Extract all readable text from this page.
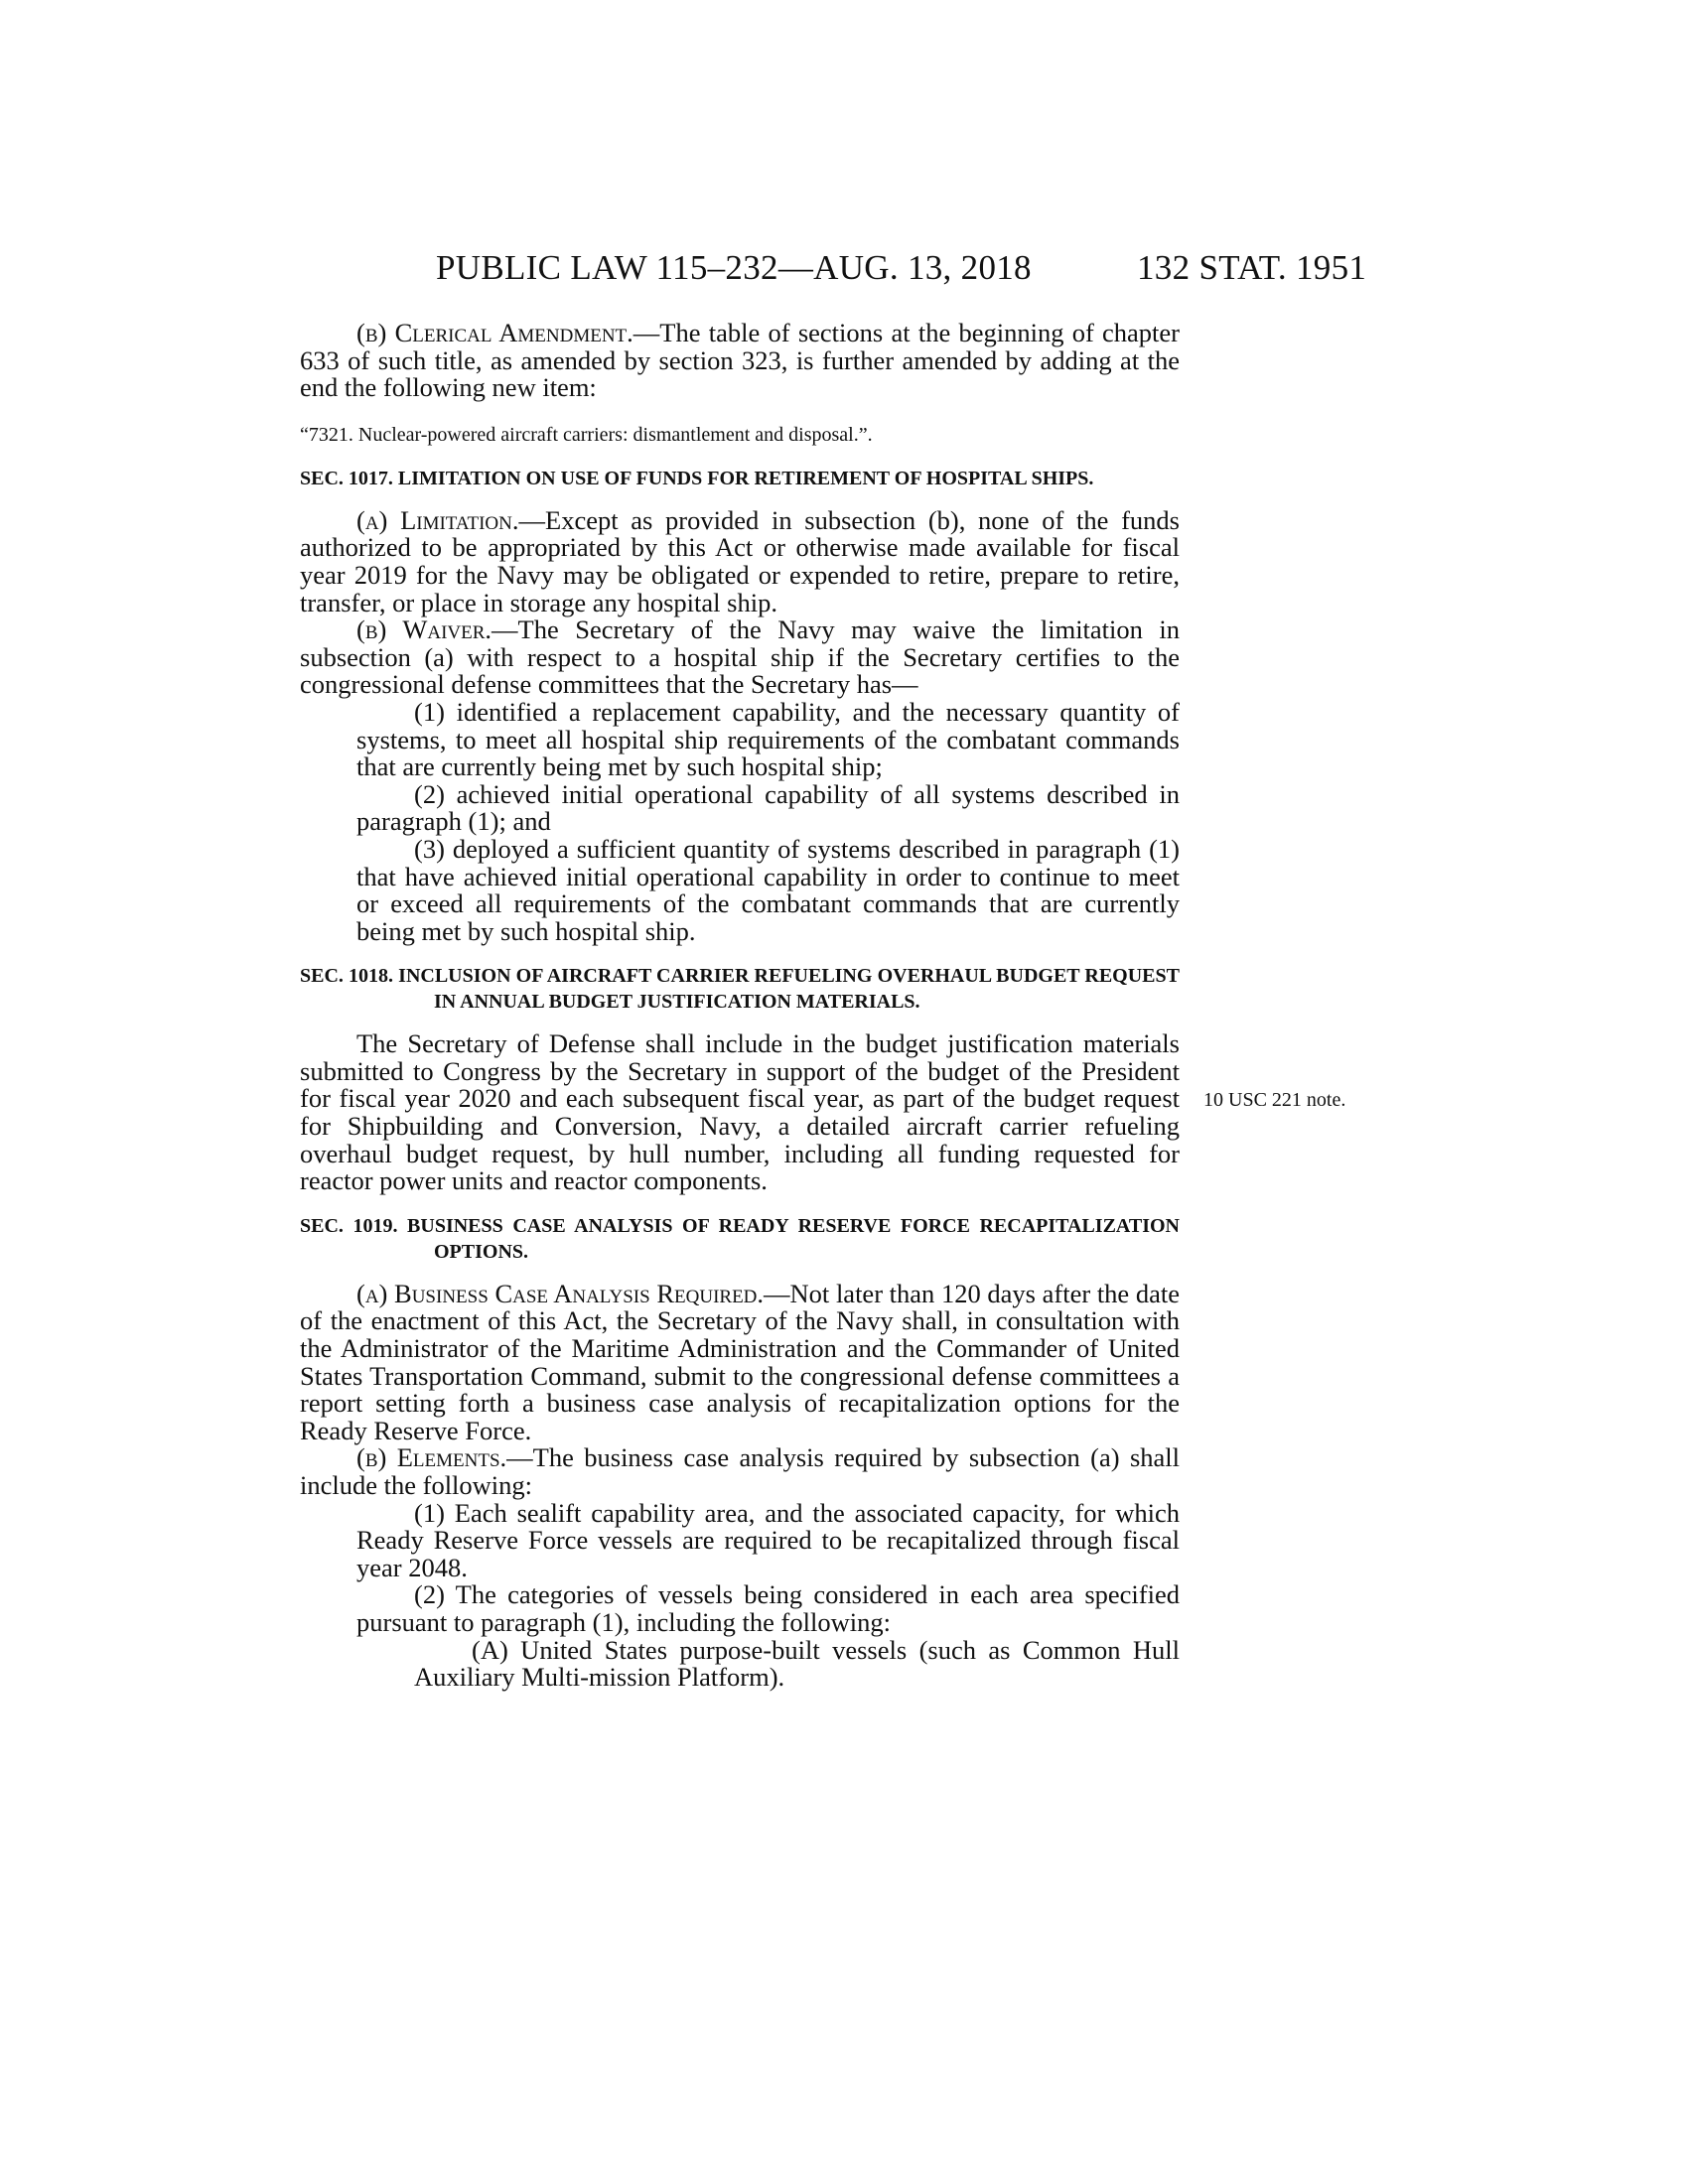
PUBLIC LAW 115–232—AUG. 13, 2018	132 STAT. 1951

(b) Clerical Amendment.—The table of sections at the beginning of chapter 633 of such title, as amended by section 323, is further amended by adding at the end the following new item:

“7321. Nuclear-powered aircraft carriers: dismantlement and disposal.”.
SEC. 1017. LIMITATION ON USE OF FUNDS FOR RETIREMENT OF HOSPITAL SHIPS.

(a) Limitation.—Except as provided in subsection (b), none of the funds authorized to be appropriated by this Act or otherwise made available for fiscal year 2019 for the Navy may be obligated or expended to retire, prepare to retire, transfer, or place in storage any hospital ship.

(b) Waiver.—The Secretary of the Navy may waive the limitation in subsection (a) with respect to a hospital ship if the Secretary certifies to the congressional defense committees that the Secretary has—

(1) identified a replacement capability, and the necessary quantity of systems, to meet all hospital ship requirements of the combatant commands that are currently being met by such hospital ship;

(2) achieved initial operational capability of all systems described in paragraph (1); and

(3) deployed a sufficient quantity of systems described in paragraph (1) that have achieved initial operational capability in order to continue to meet or exceed all requirements of the combatant commands that are currently being met by such hospital ship.

SEC. 1018. INCLUSION OF AIRCRAFT CARRIER REFUELING OVERHAUL BUDGET REQUEST IN ANNUAL BUDGET JUSTIFICATION MATERIALS.

The Secretary of Defense shall include in the budget justification materials submitted to Congress by the Secretary in support of the budget of the President for fiscal year 2020 and each subsequent fiscal year, as part of the budget request for Shipbuilding and Conversion, Navy, a detailed aircraft carrier refueling overhaul budget request, by hull number, including all funding requested for reactor power units and reactor components.

SEC. 1019. BUSINESS CASE ANALYSIS OF READY RESERVE FORCE RECAPITALIZATION OPTIONS.

(a) Business Case Analysis Required.—Not later than 120 days after the date of the enactment of this Act, the Secretary of the Navy shall, in consultation with the Administrator of the Maritime Administration and the Commander of United States Transportation Command, submit to the congressional defense committees a report setting forth a business case analysis of recapitalization options for the Ready Reserve Force.

(b) Elements.—The business case analysis required by subsection (a) shall include the following:

(1) Each sealift capability area, and the associated capacity, for which Ready Reserve Force vessels are required to be recapitalized through fiscal year 2048.

(2) The categories of vessels being considered in each area specified pursuant to paragraph (1), including the following:

(A) United States purpose-built vessels (such as Common Hull Auxiliary Multi-mission Platform).

10 USC 221 note.
